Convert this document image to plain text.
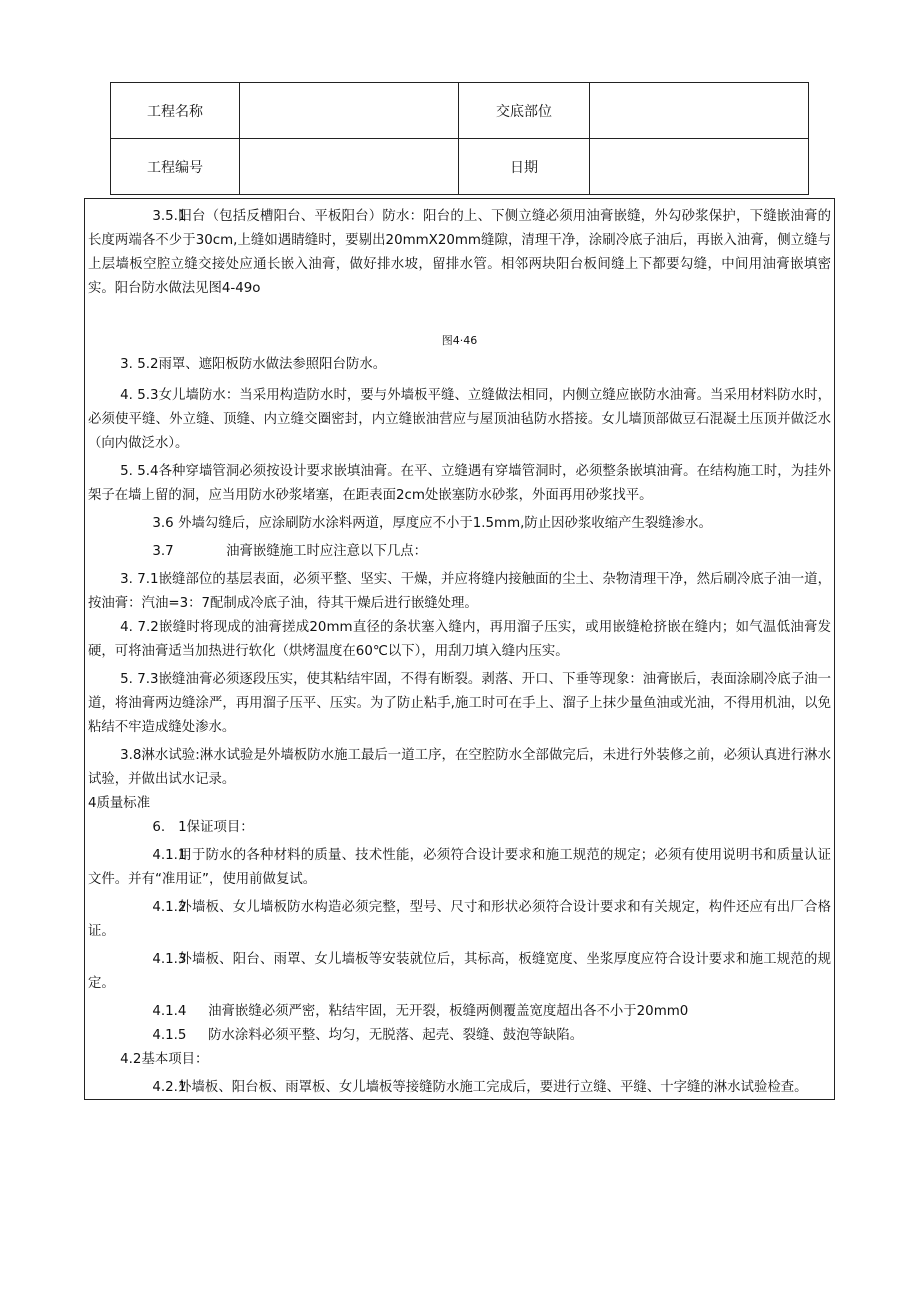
工程名称		交底部位	
工程编号		日期	

3.5.1阳台（包括反槽阳台、平板阳台）防水：阳台的上、下侧立缝必须用油膏嵌缝，外勾砂浆保护，下缝嵌油膏的长度两端各不少于30cm,上缝如遇睛缝时，要剔出20mmX20mm缝隙，清理干净，涂刷冷底子油后，再嵌入油膏，侧立缝与上层墙板空腔立缝交接处应通长嵌入油膏，做好排水坡，留排水管。相邻两块阳台板间缝上下都要勾缝，中间用油膏嵌填密实。阳台防水做法见图4-49o

图4·46

3. 5.2雨罩、遮阳板防水做法参照阳台防水。

4. 5.3女儿墙防水：当采用构造防水时，要与外墙板平缝、立缝做法相同，内侧立缝应嵌防水油膏。当采用材料防水时，必须使平缝、外立缝、顶缝、内立缝交圈密封，内立缝嵌油营应与屋顶油毡防水搭接。女儿墙顶部做豆石混凝土压顶并做泛水（向内做泛水）。

5. 5.4各种穿墙管洞必须按设计要求嵌填油膏。在平、立缝遇有穿墙管洞时，必须整条嵌填油膏。在结构施工时，为挂外架子在墙上留的洞，应当用防水砂浆堵塞，在距表面2cm处嵌塞防水砂浆，外面再用砂浆找平。

3.6 外墙勾缝后，应涂刷防水涂料两道，厚度应不小于1.5mm,防止因砂浆收缩产生裂缝渗水。

3.7	油膏嵌缝施工时应注意以下几点：

3. 7.1嵌缝部位的基层表面，必须平整、坚实、干燥，并应将缝内接触面的尘土、杂物清理干净，然后刷冷底子油一道，按油膏：汽油=3：7配制成冷底子油，待其干燥后进行嵌缝处理。

4. 7.2嵌缝时将现成的油膏搓成20mm直径的条状塞入缝内，再用溜子压实，或用嵌缝枪挤嵌在缝内；如气温低油膏发硬，可将油膏适当加热进行软化（烘烤温度在60℃以下），用刮刀填入缝内压实。

5. 7.3嵌缝油膏必须逐段压实，使其粘结牢固，不得有断裂。剥落、开口、下垂等现象：油膏嵌后，表面涂刷冷底子油一道，将油膏两边缝涂严，再用溜子压平、压实。为了防止粘手,施工时可在手上、溜子上抹少量鱼油或光油，不得用机油，以免粘结不牢造成缝处渗水。

3.8淋水试验:淋水试验是外墙板防水施工最后一道工序，在空腔防水全部做完后，未进行外装修之前，必须认真进行淋水试验，并做出试水记录。

4质量标准

6. 1保证项目：

4.1.1用于防水的各种材料的质量、技术性能，必须符合设计要求和施工规范的规定；必须有使用说明书和质量认证文件。并有“准用证”，使用前做复试。

4.1.2外墙板、女儿墙板防水构造必须完整，型号、尺寸和形状必须符合设计要求和有关规定，构件还应有出厂合格证。

4.1.3外墙板、阳台、雨罩、女儿墙板等安装就位后，其标高，板缝宽度、坐浆厚度应符合设计要求和施工规范的规定。

4.1.4 油膏嵌缝必须严密，粘结牢固，无开裂，板缝两侧覆盖宽度超出各不小于20mm0

4.1.5 防水涂料必须平整、均匀，无脱落、起壳、裂缝、鼓泡等缺陷。

4.2基本项目：

4.2.1外墙板、阳台板、雨罩板、女儿墙板等接缝防水施工完成后，要进行立缝、平缝、十字缝的淋水试验检查。
